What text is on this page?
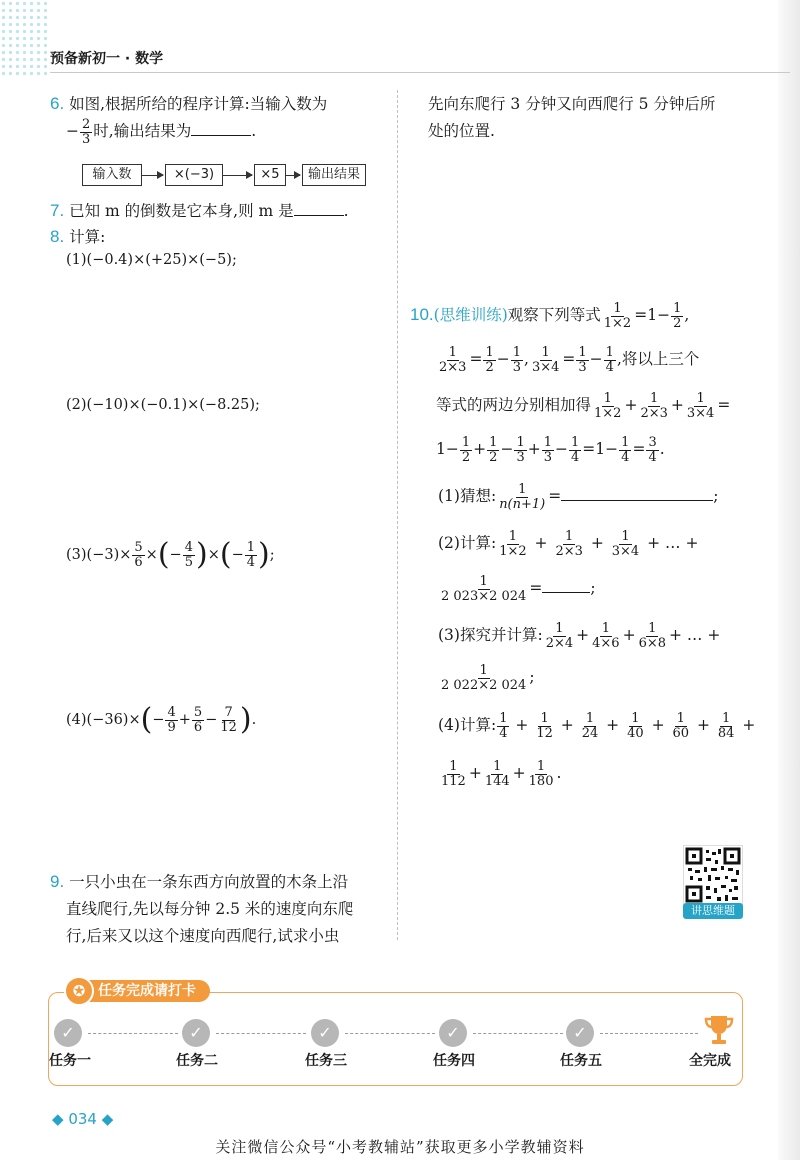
预备新初一 · 数学
6. 如图,根据所给的程序计算:当输入数为
− $\frac{2}{3}$ 时,输出结果为	.
输入数	×(−3)	×5	输出结果
7. 已知 m 的倒数是它本身,则 m 是	.
8. 计算:
(1)(−0.4)×(+25)×(−5);
(2)(−10)×(−0.1)×(−8.25);
$(3)(-3)\times \frac{5}{6}$ ×(− $\frac{4}{5}$ )×(− $\frac{1}{4}$ );
$(4)(-36)\times(- \frac{4}{9} + \frac{5}{6} - \frac{7}{12}$ ).
9. 一只小虫在一条东西方向放置的木条上沿
直线爬行,先以每分钟 2.5 米的速度向东爬
行,后来又以这个速度向西爬行,试求小虫
先向东爬行 3 分钟又向西爬行 5 分钟后所
处的位置.
10.(思维训练)观察下列等式 $\frac{1}{1\times 2} =1- \frac{1}{2}$ ,
$\frac{1}{2\times 3} = \frac{1}{2} - \frac{1}{3}$ , $\frac{1}{3\times 4} = \frac{1}{3} - \frac{1}{4}$ ,将以上三个
等式的两边分别相加得 $\frac{1}{1\times 2} + \frac{1}{2\times 3} + \frac{1}{3\times 4}$ =
$1- \frac{1}{2} + \frac{1}{2} - \frac{1}{3} + \frac{1}{3} - \frac{1}{4} =1- \frac{1}{4} = \frac{3}{4}$ .
(1)猜想: $\frac{1}{n(n+1)}$ =	;
(2)计算: $\frac{1}{1\times 2} + \frac{1}{2\times 3} + \frac{1}{3\times 4}$ + … +
$\frac{1}{2 023\times 2 024}$ =	;
(3)探究并计算: $\frac{1}{2\times 4} + \frac{1}{4\times 6} + \frac{1}{6\times 8}$ + … +
$\frac{1}{2 022\times 2 024}$ ;
(4)计算: $\frac{1}{4} + \frac{1}{12} + \frac{1}{24} + \frac{1}{40} + \frac{1}{60} + \frac{1}{84}$ +
$\frac{1}{112} + \frac{1}{144} + \frac{1}{180}$ .
讲思维题
任务完成请打卡
✪
✓	✓	✓	✓	✓
任务一	任务二	任务三	任务四	任务五	全完成
◆ 034 ◆
关注微信公众号“小考教辅站”获取更多小学教辅资料
